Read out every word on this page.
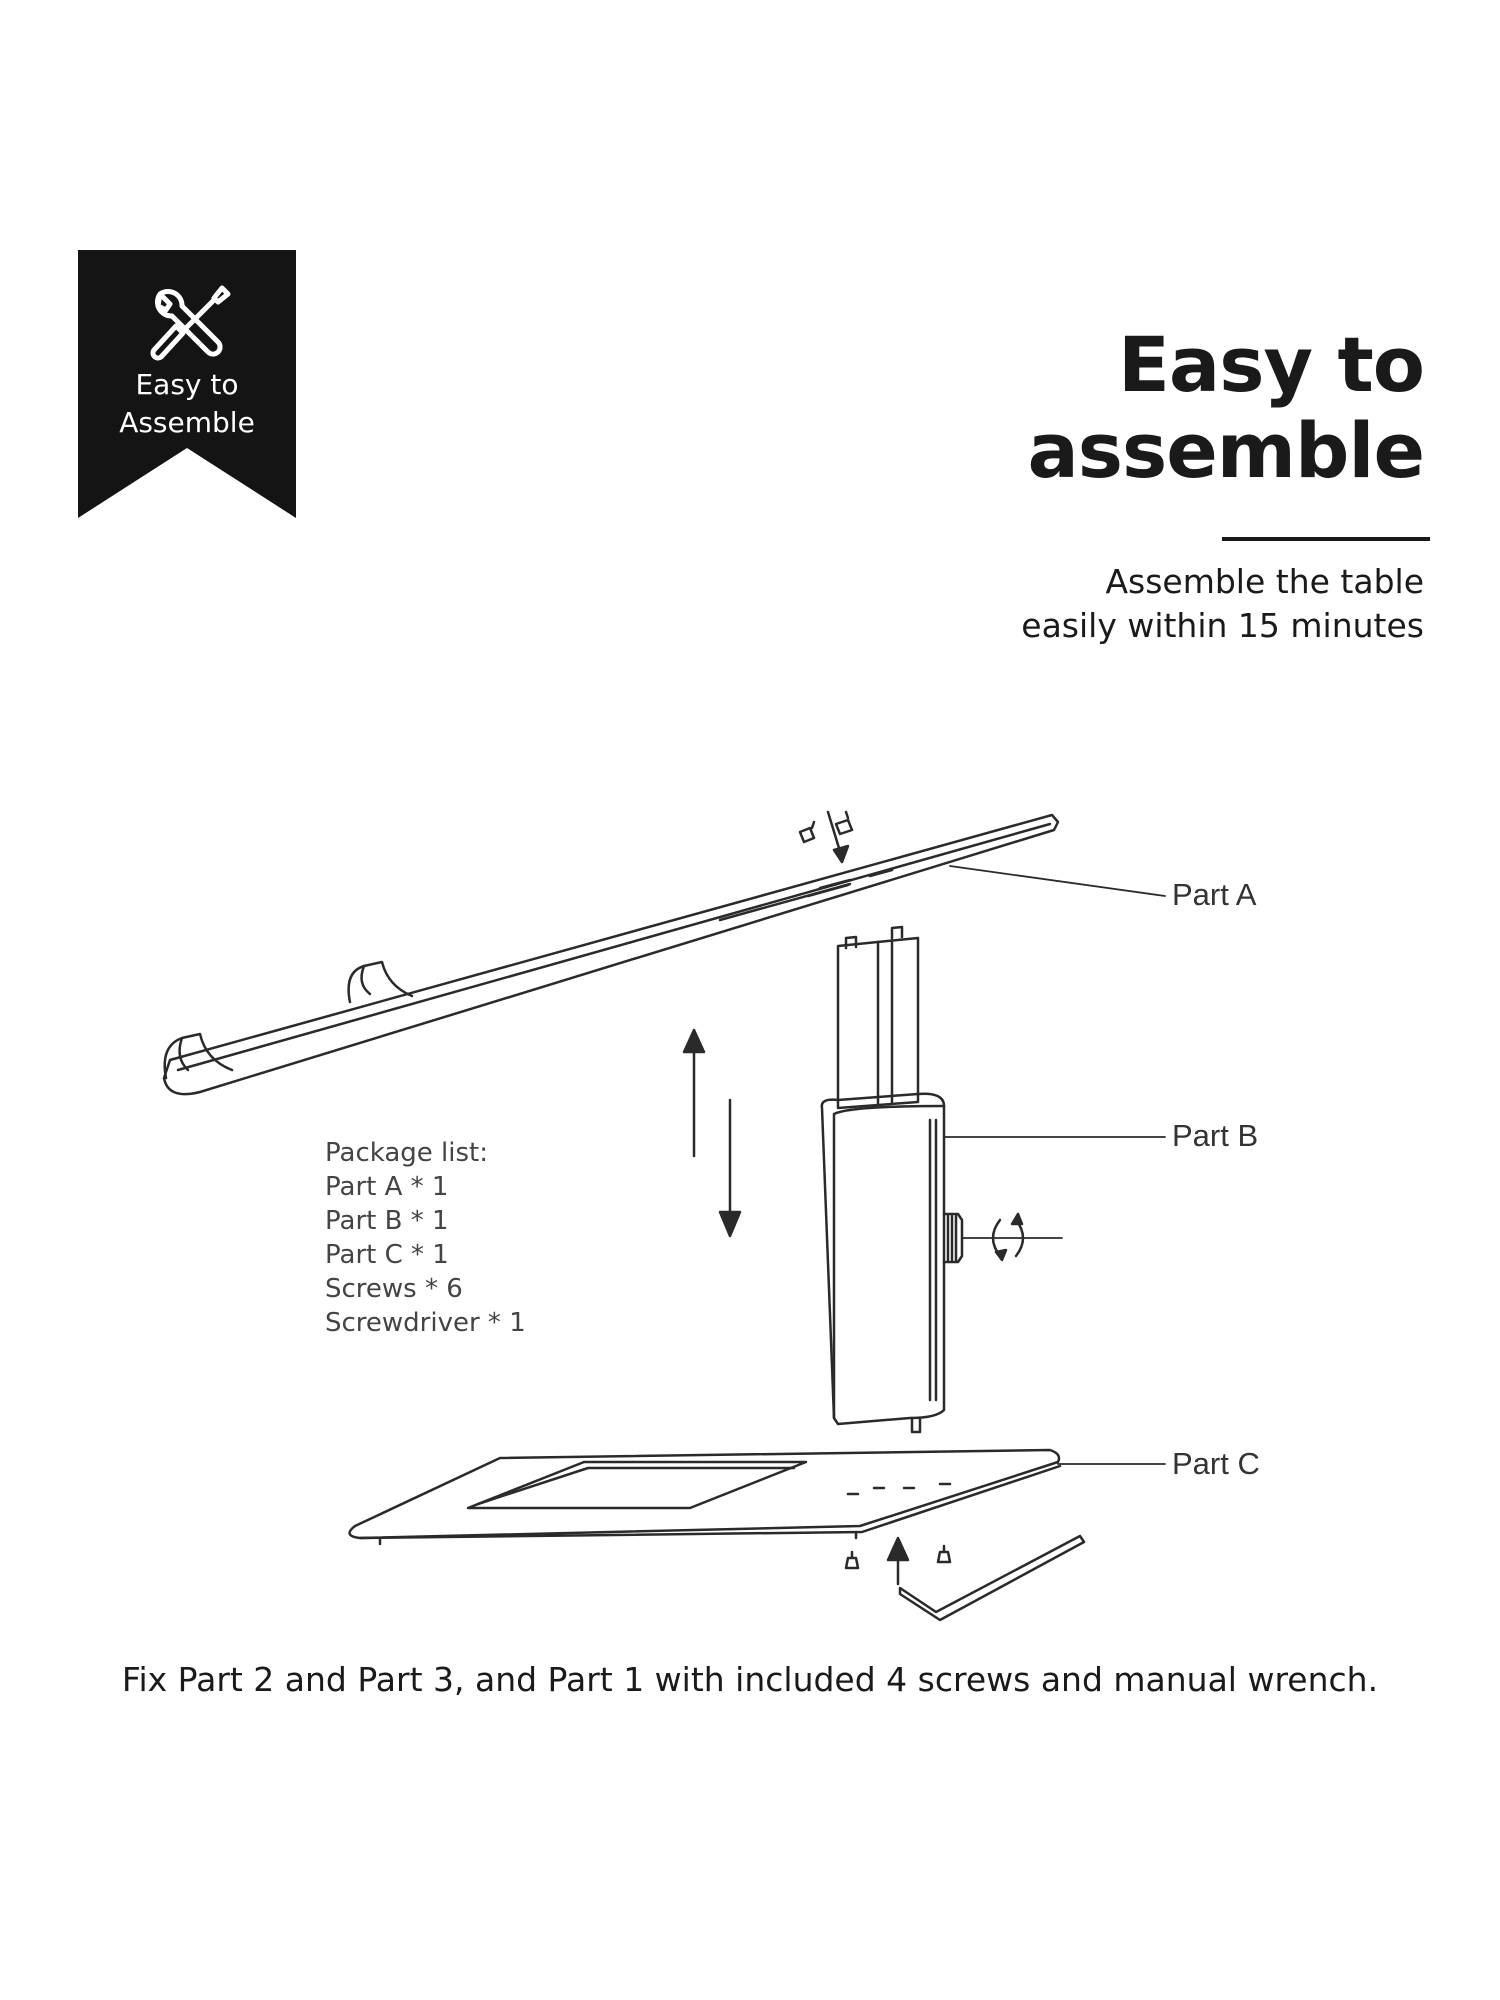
Easy to
Assemble
Easy to
assemble
Assemble the table
easily within 15 minutes
Package list:
Part A * 1
Part B * 1
Part C * 1
Screws * 6
Screwdriver * 1
Part A
Part B
Part C
Fix Part 2 and Part 3, and Part 1 with included 4 screws and manual wrench.
